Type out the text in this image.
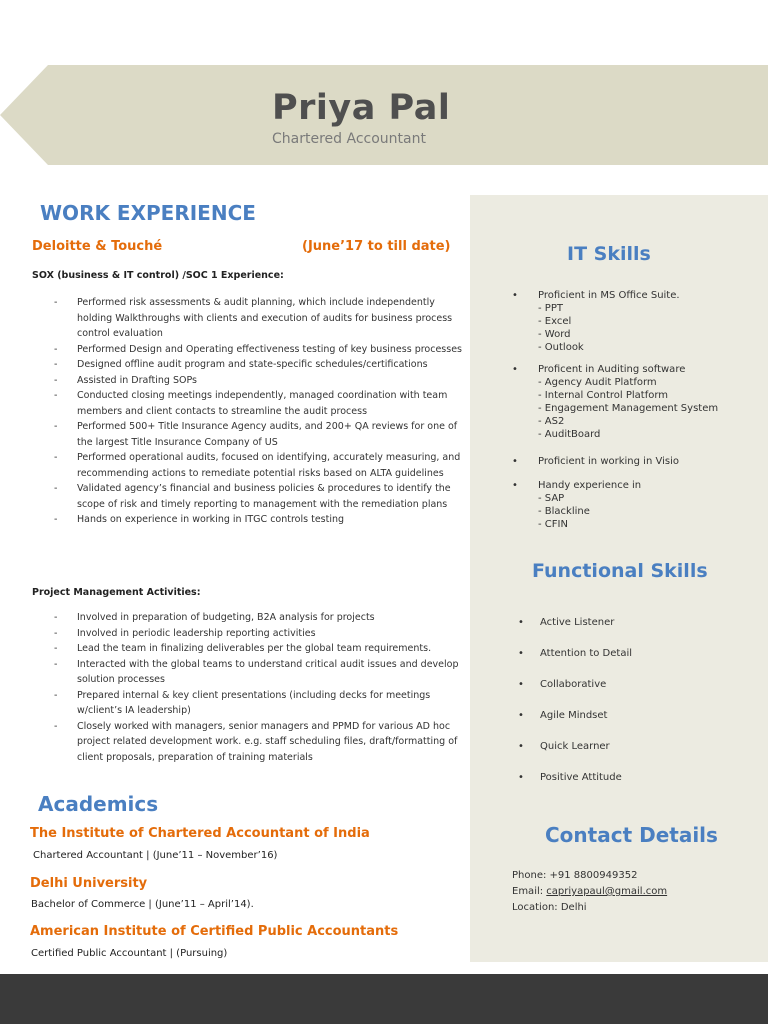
Priya Pal
Chartered Accountant
WORK EXPERIENCE
Deloitte & Touché	(June’17 to till date)
SOX (business & IT control) /SOC 1 Experience:
- Performed risk assessments & audit planning, which include independently holding Walkthroughs with clients and execution of audits for business process control evaluation
- Performed Design and Operating effectiveness testing of key business processes
- Designed offline audit program and state-specific schedules/certifications
- Assisted in Drafting SOPs
- Conducted closing meetings independently, managed coordination with team members and client contacts to streamline the audit process
- Performed 500+ Title Insurance Agency audits, and 200+ QA reviews for one of the largest Title Insurance Company of US
- Performed operational audits, focused on identifying, accurately measuring, and recommending actions to remediate potential risks based on ALTA guidelines
- Validated agency’s financial and business policies & procedures to identify the scope of risk and timely reporting to management with the remediation plans
- Hands on experience in working in ITGC controls testing
Project Management Activities:
- Involved in preparation of budgeting, B2A analysis for projects
- Involved in periodic leadership reporting activities
- Lead the team in finalizing deliverables per the global team requirements.
- Interacted with the global teams to understand critical audit issues and develop solution processes
- Prepared internal & key client presentations (including decks for meetings w/client’s IA leadership)
- Closely worked with managers, senior managers and PPMD for various AD hoc project related development work. e.g. staff scheduling files, draft/formatting of client proposals, preparation of training materials
Academics
The Institute of Chartered Accountant of India
Chartered Accountant | (June’11 – November’16)
Delhi University
Bachelor of Commerce | (June’11 – April’14).
American Institute of Certified Public Accountants
Certified Public Accountant | (Pursuing)
IT Skills
• Proficient in MS Office Suite.
- PPT
- Excel
- Word
- Outlook
• Proficent in Auditing software
- Agency Audit Platform
- Internal Control Platform
- Engagement Management System
- AS2
- AuditBoard
• Proficient in working in Visio
• Handy experience in
- SAP
- Blackline
- CFIN
Functional Skills
• Active Listener
• Attention to Detail
• Collaborative
• Agile Mindset
• Quick Learner
• Positive Attitude
Contact Details
Phone: +91 8800949352
Email: capriyapaul@gmail.com
Location: Delhi
